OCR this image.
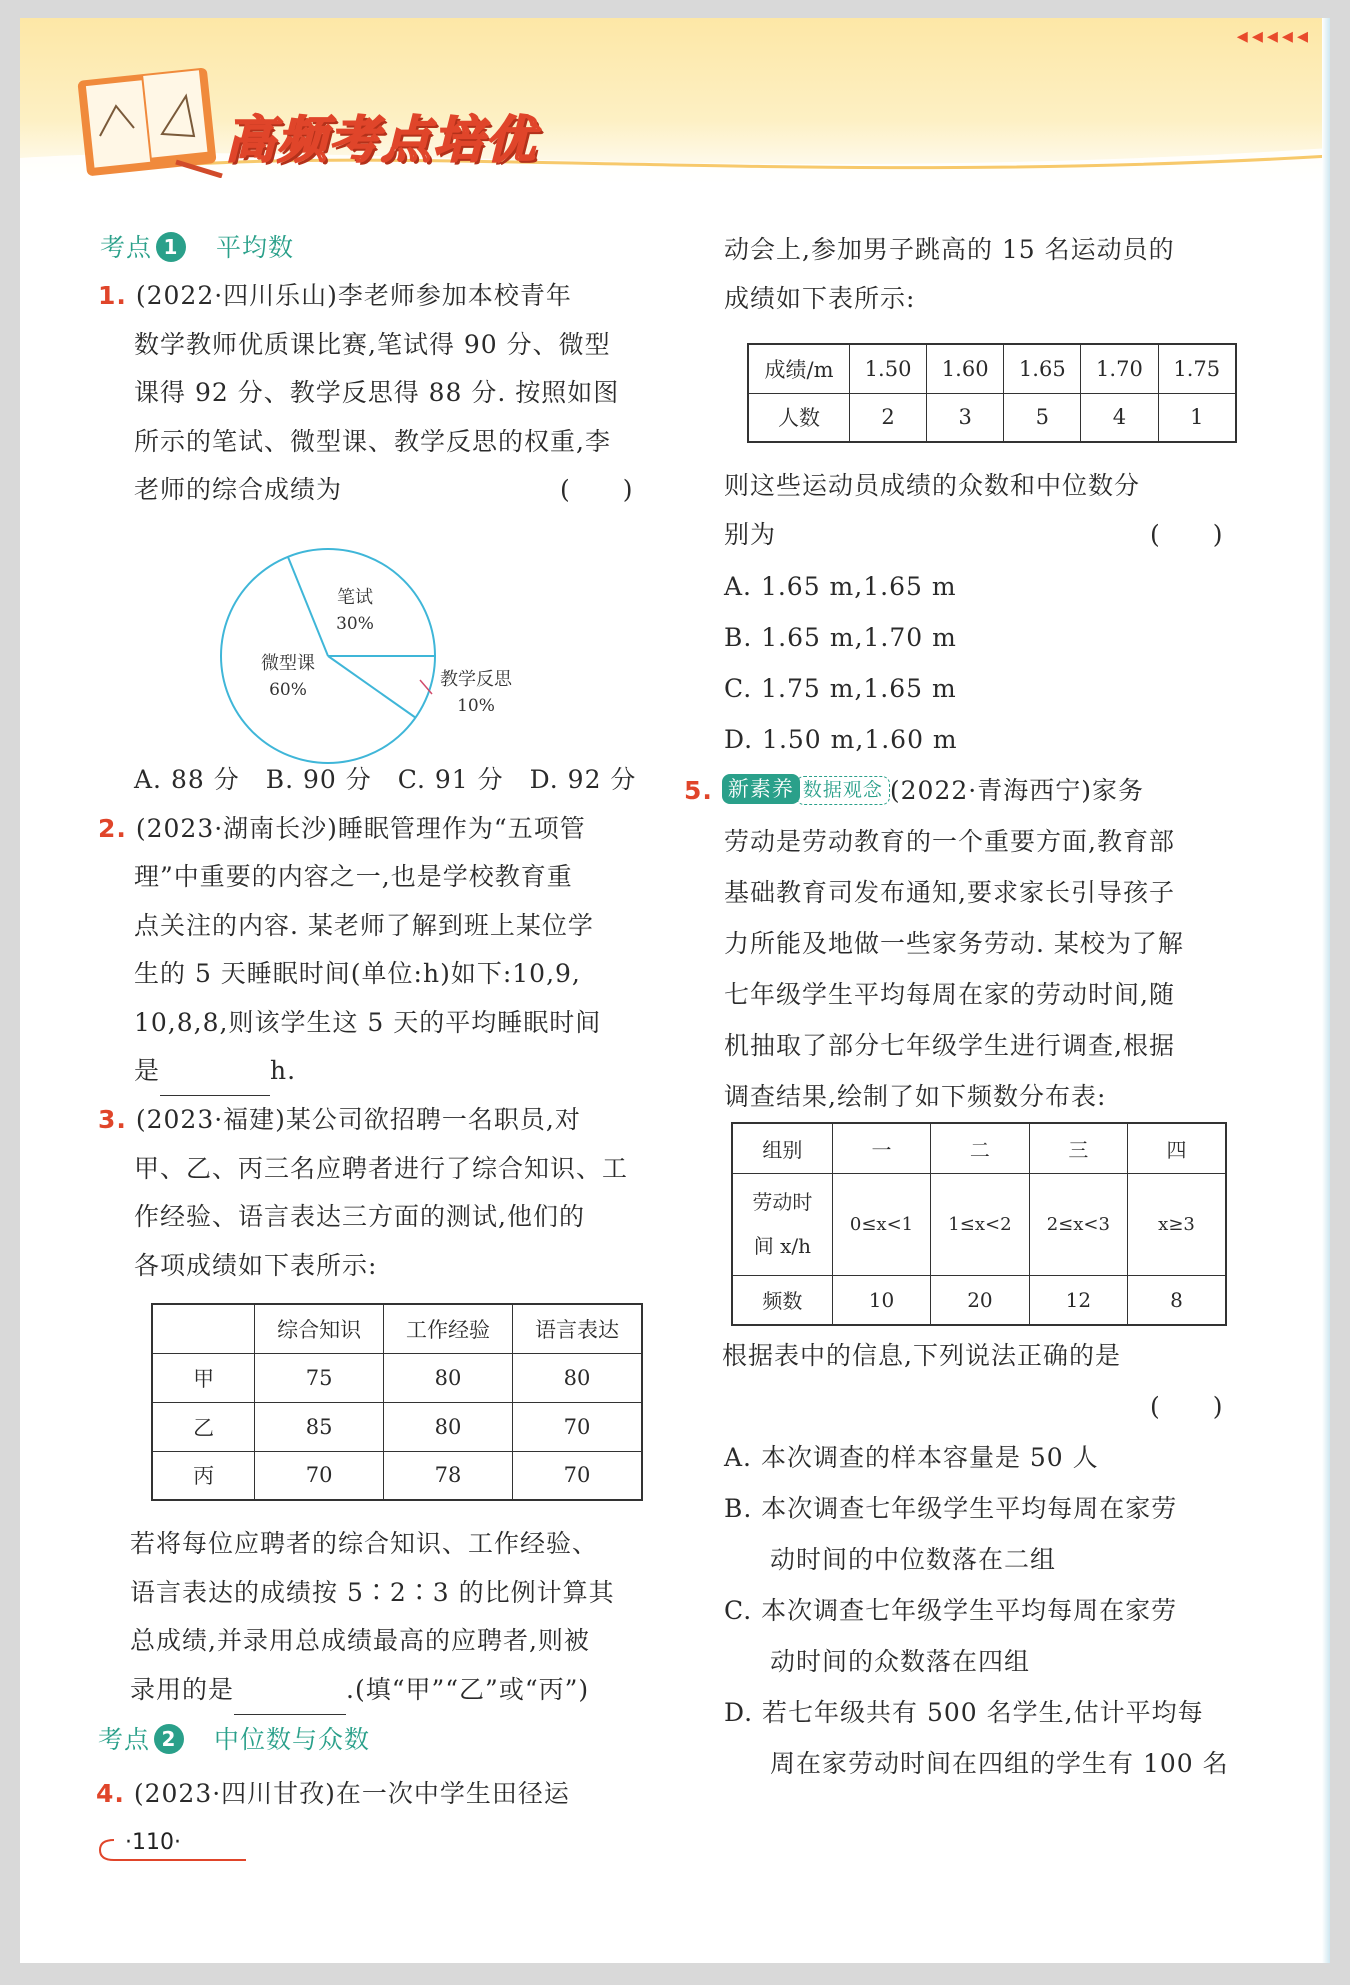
◂◂◂◂◂
高频考点培优
考点 1　 平均数
1. (2022·四川乐山)李老师参加本校青年
数学教师优质课比赛,笔试得 90 分、微型
课得 92 分、教学反思得 88 分. 按照如图
所示的笔试、微型课、教学反思的权重,李
老师的综合成绩为	(　　)
笔试
30%
微型课
60%	教学反思
10%
A. 88 分　B. 90 分　C. 91 分　D. 92 分
2. (2023·湖南长沙)睡眠管理作为“五项管
理”中重要的内容之一,也是学校教育重
点关注的内容. 某老师了解到班上某位学
生的 5 天睡眠时间(单位:h)如下:10,9,
10,8,8,则该学生这 5 天的平均睡眠时间
是	h.
3. (2023·福建)某公司欲招聘一名职员,对
甲、乙、丙三名应聘者进行了综合知识、工
作经验、语言表达三方面的测试,他们的
各项成绩如下表所示:
	综合知识	工作经验	语言表达
甲	75	80	80
乙	85	80	70
丙	70	78	70
若将每位应聘者的综合知识、工作经验、
语言表达的成绩按 5∶2∶3 的比例计算其
总成绩,并录用总成绩最高的应聘者,则被
录用的是	.(填“甲”“乙”或“丙”)
考点 2　 中位数与众数
4. (2023·四川甘孜)在一次中学生田径运
·110·
动会上,参加男子跳高的 15 名运动员的
成绩如下表所示:
成绩/m	1.50	1.60	1.65	1.70	1.75
人数	2	3	5	4	1
则这些运动员成绩的众数和中位数分
别为	(　　)
A. 1.65 m,1.65 m
B. 1.65 m,1.70 m
C. 1.75 m,1.65 m
D. 1.50 m,1.60 m
5. 新素养 数据观念 (2022·青海西宁)家务
劳动是劳动教育的一个重要方面,教育部
基础教育司发布通知,要求家长引导孩子
力所能及地做一些家务劳动. 某校为了解
七年级学生平均每周在家的劳动时间,随
机抽取了部分七年级学生进行调查,根据
调查结果,绘制了如下频数分布表:
组别	一	二	三	四

劳动时
间 x/h	0≤x<1	1≤x<2	2≤x<3	x≥3
频数	10	20	12	8
根据表中的信息,下列说法正确的是
(　　)
A. 本次调查的样本容量是 50 人
B. 本次调查七年级学生平均每周在家劳
动时间的中位数落在二组
C. 本次调查七年级学生平均每周在家劳
动时间的众数落在四组
D. 若七年级共有 500 名学生,估计平均每
周在家劳动时间在四组的学生有 100 名
